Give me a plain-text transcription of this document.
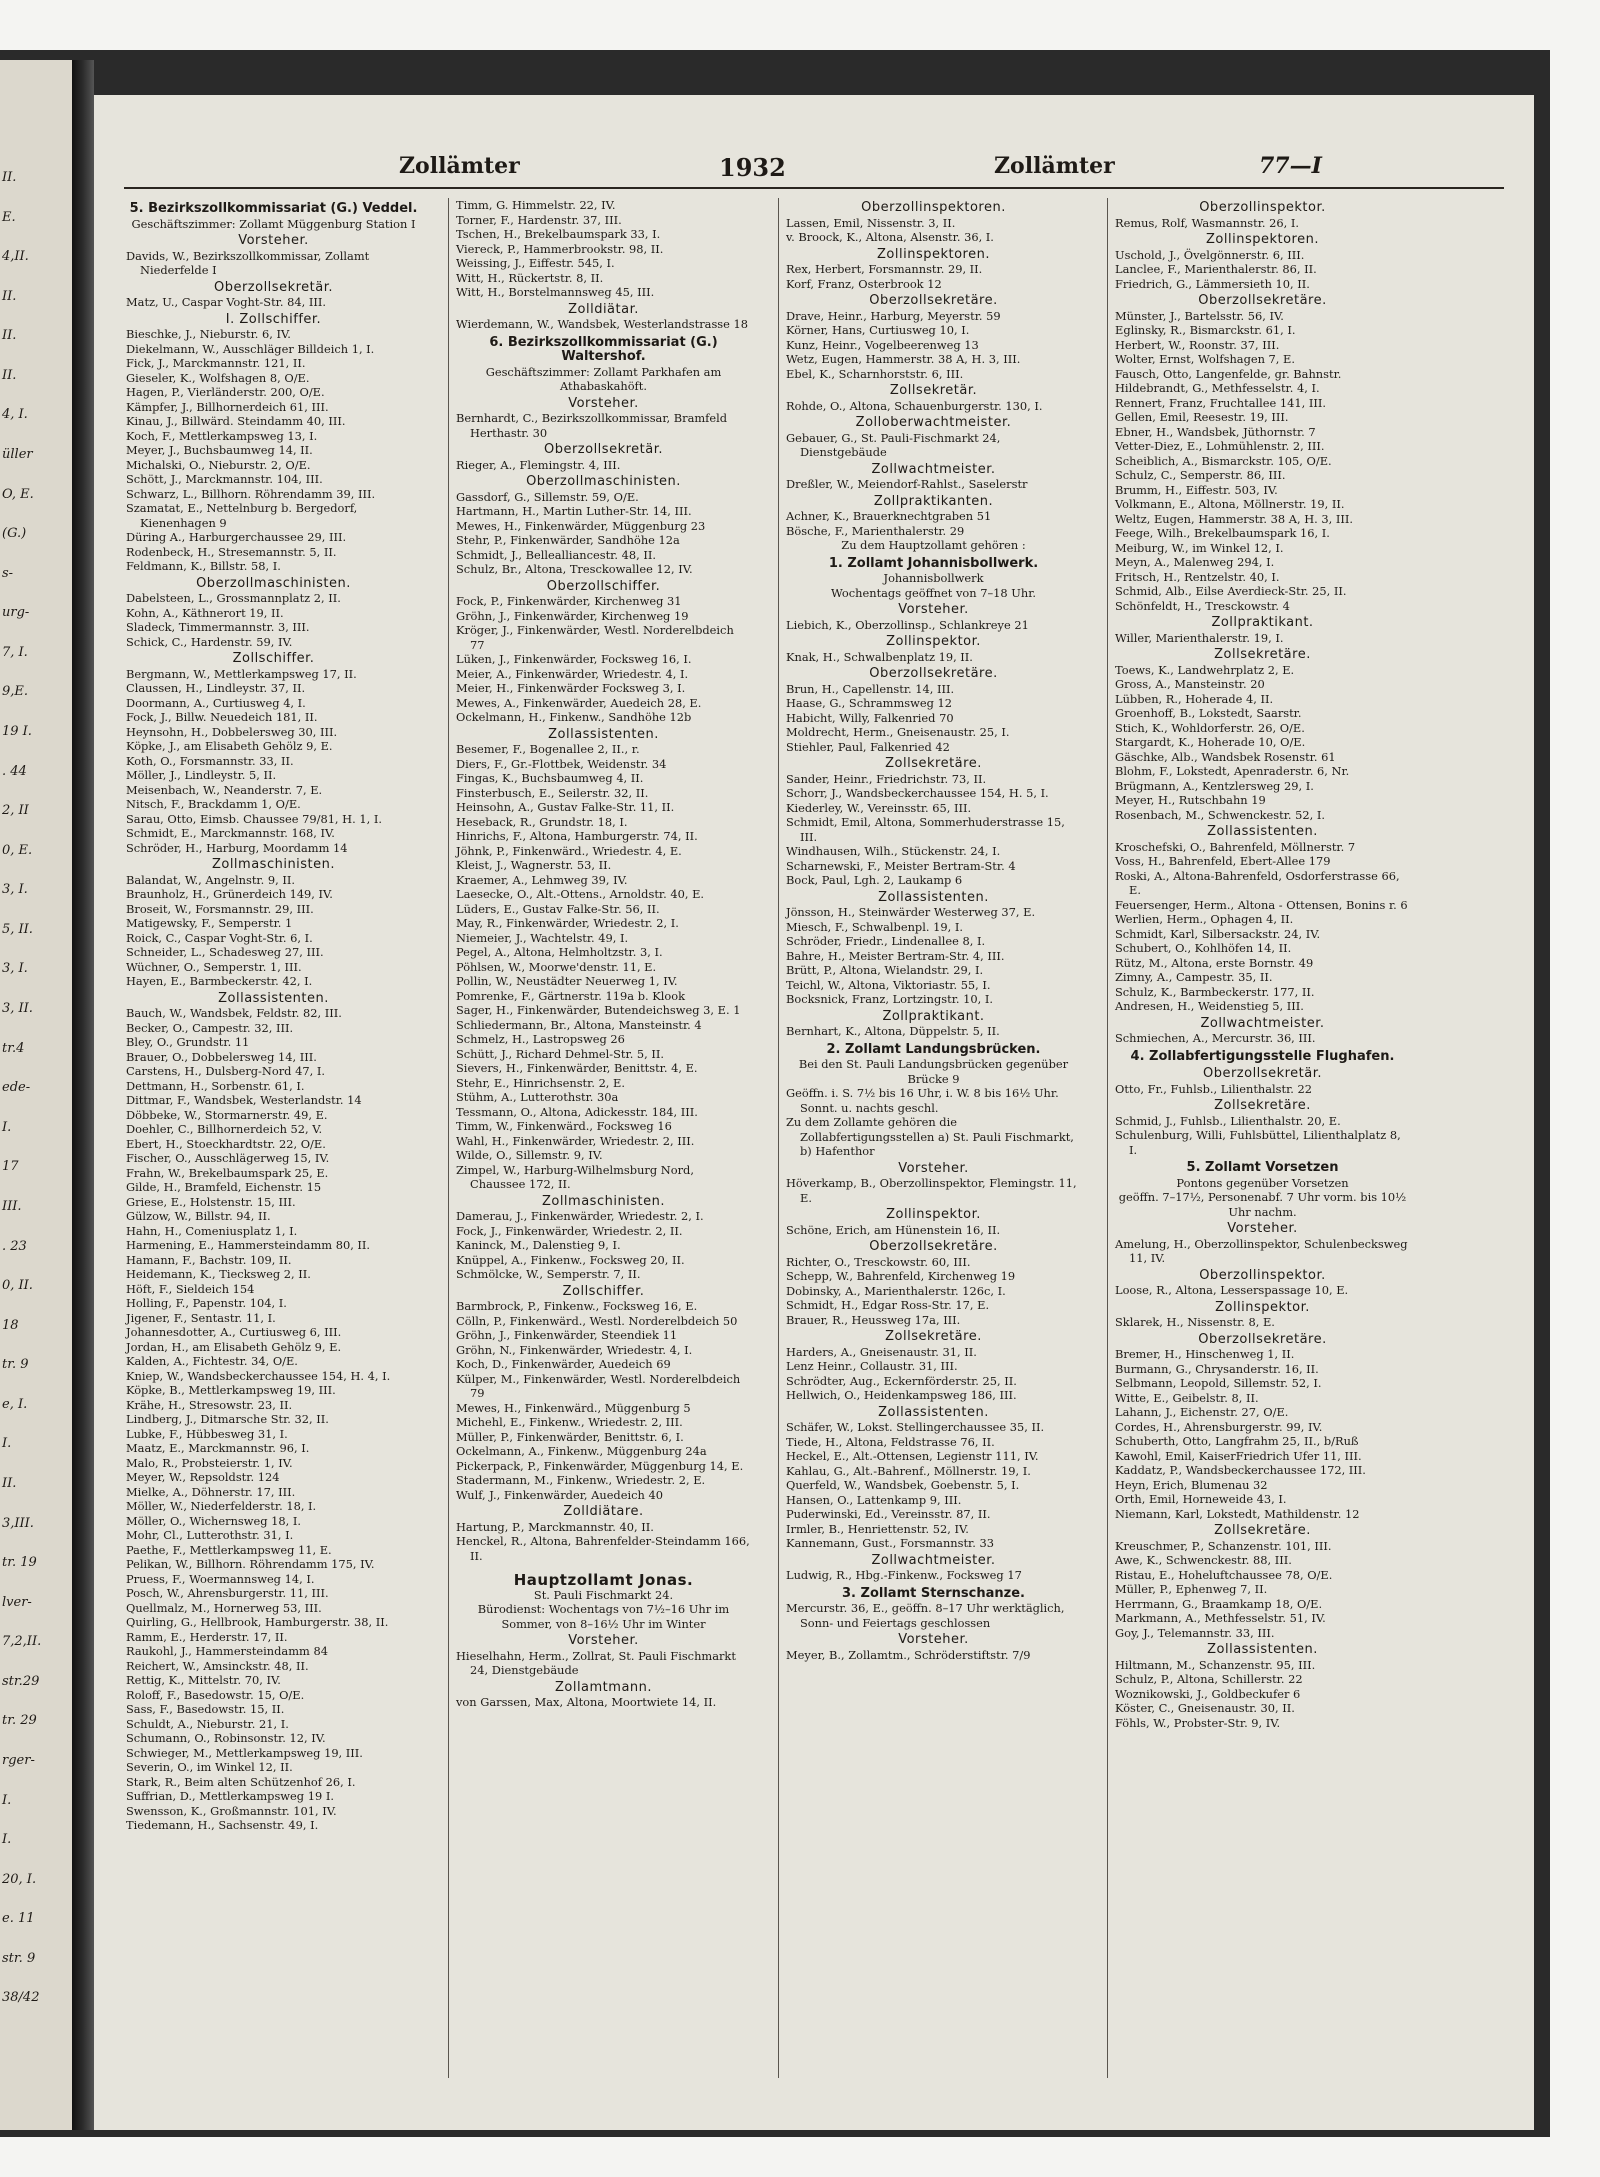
II.
E.
4,II.
II.
II.
II.
4, I.
üller
O, E.
(G.)
s-
urg-
7, I.
9,E.
19 I.
. 44
2, II
0, E.
3, I.
5, II.
3, I.
3, II.
tr.4
ede-
I.
17
III.
. 23
0, II.
18
tr. 9
e, I.
I.
II.
3,III.
tr. 19
lver-
7,2,II.
str.29
tr. 29
rger-
I.
I.
20, I.
e. 11
str. 9
38/42
Zollämter	1932	Zollämter	77—I
5. Bezirkszollkommissariat (G.) Veddel.
Geschäftszimmer: Zollamt Müggenburg Station I
Vorsteher.
Davids, W., Bezirkszollkommissar, Zollamt Niederfelde I
Oberzollsekretär.
Matz, U., Caspar Voght-Str. 84, III.
I. Zollschiffer.
Bieschke, J., Nieburstr. 6, IV.
Diekelmann, W., Ausschläger Billdeich 1, I.
Fick, J., Marckmannstr. 121, II.
Gieseler, K., Wolfshagen 8, O/E.
Hagen, P., Vierländerstr. 200, O/E.
Kämpfer, J., Billhornerdeich 61, III.
Kinau, J., Billwärd. Steindamm 40, III.
Koch, F., Mettlerkampsweg 13, I.
Meyer, J., Buchsbaumweg 14, II.
Michalski, O., Nieburstr. 2, O/E.
Schött, J., Marckmannstr. 104, III.
Schwarz, L., Billhorn. Röhrendamm 39, III.
Szamatat, E., Nettelnburg b. Bergedorf, Kienenhagen 9
Düring A., Harburgerchaussee 29, III.
Rodenbeck, H., Stresemannstr. 5, II.
Feldmann, K., Billstr. 58, I.
Oberzollmaschinisten.
Dabelsteen, L., Grossmannplatz 2, II.
Kohn, A., Käthnerort 19, II.
Sladeck, Timmermannstr. 3, III.
Schick, C., Hardenstr. 59, IV.
Zollschiffer.
Bergmann, W., Mettlerkampsweg 17, II.
Claussen, H., Lindleystr. 37, II.
Doormann, A., Curtiusweg 4, I.
Fock, J., Billw. Neuedeich 181, II.
Heynsohn, H., Dobbelersweg 30, III.
Köpke, J., am Elisabeth Gehölz 9, E.
Koth, O., Forsmannstr. 33, II.
Möller, J., Lindleystr. 5, II.
Meisenbach, W., Neanderstr. 7, E.
Nitsch, F., Brackdamm 1, O/E.
Sarau, Otto, Eimsb. Chaussee 79/81, H. 1, I.
Schmidt, E., Marckmannstr. 168, IV.
Schröder, H., Harburg, Moordamm 14
Zollmaschinisten.
Balandat, W., Angelnstr. 9, II.
Braunholz, H., Grünerdeich 149, IV.
Broseit, W., Forsmannstr. 29, III.
Matigewsky, F., Semperstr. 1
Roick, C., Caspar Voght-Str. 6, I.
Schneider, L., Schadesweg 27, III.
Wüchner, O., Semperstr. 1, III.
Hayen, E., Barmbeckerstr. 42, I.
Zollassistenten.
Bauch, W., Wandsbek, Feldstr. 82, III.
Becker, O., Campestr. 32, III.
Bley, O., Grundstr. 11
Brauer, O., Dobbelersweg 14, III.
Carstens, H., Dulsberg-Nord 47, I.
Dettmann, H., Sorbenstr. 61, I.
Dittmar, F., Wandsbek, Westerlandstr. 14
Döbbeke, W., Stormarnerstr. 49, E.
Doehler, C., Billhornerdeich 52, V.
Ebert, H., Stoeckhardtstr. 22, O/E.
Fischer, O., Ausschlägerweg 15, IV.
Frahn, W., Brekelbaumspark 25, E.
Gilde, H., Bramfeld, Eichenstr. 15
Griese, E., Holstenstr. 15, III.
Gülzow, W., Billstr. 94, II.
Hahn, H., Comeniusplatz 1, I.
Harmening, E., Hammersteindamm 80, II.
Hamann, F., Bachstr. 109, II.
Heidemann, K., Tiecksweg 2, II.
Höft, F., Sieldeich 154
Holling, F., Papenstr. 104, I.
Jigener, F., Sentastr. 11, I.
Johannesdotter, A., Curtiusweg 6, III.
Jordan, H., am Elisabeth Gehölz 9, E.
Kalden, A., Fichtestr. 34, O/E.
Kniep, W., Wandsbeckerchaussee 154, H. 4, I.
Köpke, B., Mettlerkampsweg 19, III.
Krähe, H., Stresowstr. 23, II.
Lindberg, J., Ditmarsche Str. 32, II.
Lubke, F., Hübbesweg 31, I.
Maatz, E., Marckmannstr. 96, I.
Malo, R., Probsteierstr. 1, IV.
Meyer, W., Repsoldstr. 124
Mielke, A., Döhnerstr. 17, III.
Möller, W., Niederfelderstr. 18, I.
Möller, O., Wichernsweg 18, I.
Mohr, Cl., Lutterothstr. 31, I.
Paethe, F., Mettlerkampsweg 11, E.
Pelikan, W., Billhorn. Röhrendamm 175, IV.
Pruess, F., Woermannsweg 14, I.
Posch, W., Ahrensburgerstr. 11, III.
Quellmalz, M., Hornerweg 53, III.
Quirling, G., Hellbrook, Hamburgerstr. 38, II.
Ramm, E., Herderstr. 17, II.
Raukohl, J., Hammersteindamm 84
Reichert, W., Amsinckstr. 48, II.
Rettig, K., Mittelstr. 70, IV.
Roloff, F., Basedowstr. 15, O/E.
Sass, F., Basedowstr. 15, II.
Schuldt, A., Nieburstr. 21, I.
Schumann, O., Robinsonstr. 12, IV.
Schwieger, M., Mettlerkampsweg 19, III.
Severin, O., im Winkel 12, II.
Stark, R., Beim alten Schützenhof 26, I.
Suffrian, D., Mettlerkampsweg 19 I.
Swensson, K., Großmannstr. 101, IV.
Tiedemann, H., Sachsenstr. 49, I.
Timm, G. Himmelstr. 22, IV.
Torner, F., Hardenstr. 37, III.
Tschen, H., Brekelbaumspark 33, I.
Viereck, P., Hammerbrookstr. 98, II.
Weissing, J., Eiffestr. 545, I.
Witt, H., Rückertstr. 8, II.
Witt, H., Borstelmannsweg 45, III.
Zolldiätar.
Wierdemann, W., Wandsbek, Westerlandstrasse 18
6. Bezirkszollkommissariat (G.) Waltershof.
Geschäftszimmer: Zollamt Parkhafen am Athabaskahöft.
Vorsteher.
Bernhardt, C., Bezirkszollkommissar, Bramfeld Herthastr. 30
Oberzollsekretär.
Rieger, A., Flemingstr. 4, III.
Oberzollmaschinisten.
Gassdorf, G., Sillemstr. 59, O/E.
Hartmann, H., Martin Luther-Str. 14, III.
Mewes, H., Finkenwärder, Müggenburg 23
Stehr, P., Finkenwärder, Sandhöhe 12a
Schmidt, J., Bellealliancestr. 48, II.
Schulz, Br., Altona, Tresckowallee 12, IV.
Oberzollschiffer.
Fock, P., Finkenwärder, Kirchenweg 31
Gröhn, J., Finkenwärder, Kirchenweg 19
Kröger, J., Finkenwärder, Westl. Norderelbdeich 77
Lüken, J., Finkenwärder, Focksweg 16, I.
Meier, A., Finkenwärder, Wriedestr. 4, I.
Meier, H., Finkenwärder Focksweg 3, I.
Mewes, A., Finkenwärder, Auedeich 28, E.
Ockelmann, H., Finkenw., Sandhöhe 12b
Zollassistenten.
Besemer, F., Bogenallee 2, II., r.
Diers, F., Gr.-Flottbek, Weidenstr. 34
Fingas, K., Buchsbaumweg 4, II.
Finsterbusch, E., Seilerstr. 32, II.
Heinsohn, A., Gustav Falke-Str. 11, II.
Heseback, R., Grundstr. 18, I.
Hinrichs, F., Altona, Hamburgerstr. 74, II.
Jöhnk, P., Finkenwärd., Wriedestr. 4, E.
Kleist, J., Wagnerstr. 53, II.
Kraemer, A., Lehmweg 39, IV.
Laesecke, O., Alt.-Ottens., Arnoldstr. 40, E.
Lüders, E., Gustav Falke-Str. 56, II.
May, R., Finkenwärder, Wriedestr. 2, I.
Niemeier, J., Wachtelstr. 49, I.
Pegel, A., Altona, Helmholtzstr. 3, I.
Pöhlsen, W., Moorwe'denstr. 11, E.
Pollin, W., Neustädter Neuerweg 1, IV.
Pomrenke, F., Gärtnerstr. 119a b. Klook
Sager, H., Finkenwärder, Butendeichsweg 3, E. 1
Schliedermann, Br., Altona, Mansteinstr. 4
Schmelz, H., Lastropsweg 26
Schütt, J., Richard Dehmel-Str. 5, II.
Sievers, H., Finkenwärder, Benittstr. 4, E.
Stehr, E., Hinrichsenstr. 2, E.
Stühm, A., Lutterothstr. 30a
Tessmann, O., Altona, Adickesstr. 184, III.
Timm, W., Finkenwärd., Focksweg 16
Wahl, H., Finkenwärder, Wriedestr. 2, III.
Wilde, O., Sillemstr. 9, IV.
Zimpel, W., Harburg-Wilhelmsburg Nord, Chaussee 172, II.
Zollmaschinisten.
Damerau, J., Finkenwärder, Wriedestr. 2, I.
Fock, J., Finkenwärder, Wriedestr. 2, II.
Kaninck, M., Dalenstieg 9, I.
Knüppel, A., Finkenw., Focksweg 20, II.
Schmölcke, W., Semperstr. 7, II.
Zollschiffer.
Barmbrock, P., Finkenw., Focksweg 16, E.
Cölln, P., Finkenwärd., Westl. Norderelbdeich 50
Gröhn, J., Finkenwärder, Steendiek 11
Gröhn, N., Finkenwärder, Wriedestr. 4, I.
Koch, D., Finkenwärder, Auedeich 69
Külper, M., Finkenwärder, Westl. Norderelbdeich 79
Mewes, H., Finkenwärd., Müggenburg 5
Michehl, E., Finkenw., Wriedestr. 2, III.
Müller, P., Finkenwärder, Benittstr. 6, I.
Ockelmann, A., Finkenw., Müggenburg 24a
Pickerpack, P., Finkenwärder, Müggenburg 14, E.
Stadermann, M., Finkenw., Wriedestr. 2, E.
Wulf, J., Finkenwärder, Auedeich 40
Zolldiätare.
Hartung, P., Marckmannstr. 40, II.
Henckel, R., Altona, Bahrenfelder-Steindamm 166, II.
Hauptzollamt Jonas.
St. Pauli Fischmarkt 24.
Bürodienst: Wochentags von 7½–16 Uhr im Sommer, von 8–16½ Uhr im Winter
Vorsteher.
Hieselhahn, Herm., Zollrat, St. Pauli Fischmarkt 24, Dienstgebäude
Zollamtmann.
von Garssen, Max, Altona, Moortwiete 14, II.
Oberzollinspektoren.
Lassen, Emil, Nissenstr. 3, II.
v. Broock, K., Altona, Alsenstr. 36, I.
Zollinspektoren.
Rex, Herbert, Forsmannstr. 29, II.
Korf, Franz, Osterbrook 12
Oberzollsekretäre.
Drave, Heinr., Harburg, Meyerstr. 59
Körner, Hans, Curtiusweg 10, I.
Kunz, Heinr., Vogelbeerenweg 13
Wetz, Eugen, Hammerstr. 38 A, H. 3, III.
Ebel, K., Scharnhorststr. 6, III.
Zollsekretär.
Rohde, O., Altona, Schauenburgerstr. 130, I.
Zolloberwachtmeister.
Gebauer, G., St. Pauli-Fischmarkt 24, Dienstgebäude
Zollwachtmeister.
Dreßler, W., Meiendorf-Rahlst., Saselerstr
Zollpraktikanten.
Achner, K., Brauerknechtgraben 51
Bösche, F., Marienthalerstr. 29
Zu dem Hauptzollamt gehören :
1. Zollamt Johannisbollwerk.
Johannisbollwerk
Wochentags geöffnet von 7–18 Uhr.
Vorsteher.
Liebich, K., Oberzollinsp., Schlankreye 21
Zollinspektor.
Knak, H., Schwalbenplatz 19, II.
Oberzollsekretäre.
Brun, H., Capellenstr. 14, III.
Haase, G., Schrammsweg 12
Habicht, Willy, Falkenried 70
Moldrecht, Herm., Gneisenaustr. 25, I.
Stiehler, Paul, Falkenried 42
Zollsekretäre.
Sander, Heinr., Friedrichstr. 73, II.
Schorr, J., Wandsbeckerchaussee 154, H. 5, I.
Kiederley, W., Vereinsstr. 65, III.
Schmidt, Emil, Altona, Sommerhuderstrasse 15, III.
Windhausen, Wilh., Stückenstr. 24, I.
Scharnewski, F., Meister Bertram-Str. 4
Bock, Paul, Lgh. 2, Laukamp 6
Zollassistenten.
Jönsson, H., Steinwärder Westerweg 37, E.
Miesch, F., Schwalbenpl. 19, I.
Schröder, Friedr., Lindenallee 8, I.
Bahre, H., Meister Bertram-Str. 4, III.
Brütt, P., Altona, Wielandstr. 29, I.
Teichl, W., Altona, Viktoriastr. 55, I.
Bocksnick, Franz, Lortzingstr. 10, I.
Zollpraktikant.
Bernhart, K., Altona, Düppelstr. 5, II.
2. Zollamt Landungsbrücken.
Bei den St. Pauli Landungsbrücken gegenüber Brücke 9
Geöffn. i. S. 7½ bis 16 Uhr, i. W. 8 bis 16½ Uhr. Sonnt. u. nachts geschl.
Zu dem Zollamte gehören die Zollabfertigungsstellen a) St. Pauli Fischmarkt, b) Hafenthor
Vorsteher.
Höverkamp, B., Oberzollinspektor, Flemingstr. 11, E.
Zollinspektor.
Schöne, Erich, am Hünenstein 16, II.
Oberzollsekretäre.
Richter, O., Tresckowstr. 60, III.
Schepp, W., Bahrenfeld, Kirchenweg 19
Dobinsky, A., Marienthalerstr. 126c, I.
Schmidt, H., Edgar Ross-Str. 17, E.
Brauer, R., Heussweg 17a, III.
Zollsekretäre.
Harders, A., Gneisenaustr. 31, II.
Lenz Heinr., Collaustr. 31, III.
Schrödter, Aug., Eckernförderstr. 25, II.
Hellwich, O., Heidenkampsweg 186, III.
Zollassistenten.
Schäfer, W., Lokst. Stellingerchaussee 35, II.
Tiede, H., Altona, Feldstrasse 76, II.
Heckel, E., Alt.-Ottensen, Legienstr 111, IV.
Kahlau, G., Alt.-Bahrenf., Möllnerstr. 19, I.
Querfeld, W., Wandsbek, Goebenstr. 5, I.
Hansen, O., Lattenkamp 9, III.
Puderwinski, Ed., Vereinsstr. 87, II.
Irmler, B., Henriettenstr. 52, IV.
Kannemann, Gust., Forsmannstr. 33
Zollwachtmeister.
Ludwig, R., Hbg.-Finkenw., Focksweg 17
3. Zollamt Sternschanze.
Mercurstr. 36, E., geöffn. 8–17 Uhr werktäglich, Sonn- und Feiertags geschlossen
Vorsteher.
Meyer, B., Zollamtm., Schröderstiftstr. 7/9
Oberzollinspektor.
Remus, Rolf, Wasmannstr. 26, I.
Zollinspektoren.
Uschold, J., Övelgönnerstr. 6, III.
Lanclee, F., Marienthalerstr. 86, II.
Friedrich, G., Lämmersieth 10, II.
Oberzollsekretäre.
Münster, J., Bartelsstr. 56, IV.
Eglinsky, R., Bismarckstr. 61, I.
Herbert, W., Roonstr. 37, III.
Wolter, Ernst, Wolfshagen 7, E.
Fausch, Otto, Langenfelde, gr. Bahnstr.
Hildebrandt, G., Methfesselstr. 4, I.
Rennert, Franz, Fruchtallee 141, III.
Gellen, Emil, Reesestr. 19, III.
Ebner, H., Wandsbek, Jüthornstr. 7
Vetter-Diez, E., Lohmühlenstr. 2, III.
Scheiblich, A., Bismarckstr. 105, O/E.
Schulz, C., Semperstr. 86, III.
Brumm, H., Eiffestr. 503, IV.
Volkmann, E., Altona, Möllnerstr. 19, II.
Weltz, Eugen, Hammerstr. 38 A, H. 3, III.
Feege, Wilh., Brekelbaumspark 16, I.
Meiburg, W., im Winkel 12, I.
Meyn, A., Malenweg 294, I.
Fritsch, H., Rentzelstr. 40, I.
Schmid, Alb., Eilse Averdieck-Str. 25, II.
Schönfeldt, H., Tresckowstr. 4
Zollpraktikant.
Willer, Marienthalerstr. 19, I.
Zollsekretäre.
Toews, K., Landwehrplatz 2, E.
Gross, A., Mansteinstr. 20
Lübben, R., Hoherade 4, II.
Groenhoff, B., Lokstedt, Saarstr.
Stich, K., Wohldorferstr. 26, O/E.
Stargardt, K., Hoherade 10, O/E.
Gäschke, Alb., Wandsbek Rosenstr. 61
Blohm, F., Lokstedt, Apenraderstr. 6, Nr.
Brügmann, A., Kentzlersweg 29, I.
Meyer, H., Rutschbahn 19
Rosenbach, M., Schwenckestr. 52, I.
Zollassistenten.
Kroschefski, O., Bahrenfeld, Möllnerstr. 7
Voss, H., Bahrenfeld, Ebert-Allee 179
Roski, A., Altona-Bahrenfeld, Osdorferstrasse 66, E.
Feuersenger, Herm., Altona - Ottensen, Bonins r. 6
Werlien, Herm., Ophagen 4, II.
Schmidt, Karl, Silbersackstr. 24, IV.
Schubert, O., Kohlhöfen 14, II.
Rütz, M., Altona, erste Bornstr. 49
Zimny, A., Campestr. 35, II.
Schulz, K., Barmbeckerstr. 177, II.
Andresen, H., Weidenstieg 5, III.
Zollwachtmeister.
Schmiechen, A., Mercurstr. 36, III.
4. Zollabfertigungsstelle Flughafen.
Oberzollsekretär.
Otto, Fr., Fuhlsb., Lilienthalstr. 22
Zollsekretäre.
Schmid, J., Fuhlsb., Lilienthalstr. 20, E.
Schulenburg, Willi, Fuhlsbüttel, Lilienthalplatz 8, I.
5. Zollamt Vorsetzen
Pontons gegenüber Vorsetzen
geöffn. 7–17½, Personenabf. 7 Uhr vorm. bis 10½ Uhr nachm.
Vorsteher.
Amelung, H., Oberzollinspektor, Schulenbecksweg 11, IV.
Oberzollinspektor.
Loose, R., Altona, Lesserspassage 10, E.
Zollinspektor.
Sklarek, H., Nissenstr. 8, E.
Oberzollsekretäre.
Bremer, H., Hinschenweg 1, II.
Burmann, G., Chrysanderstr. 16, II.
Selbmann, Leopold, Sillemstr. 52, I.
Witte, E., Geibelstr. 8, II.
Lahann, J., Eichenstr. 27, O/E.
Cordes, H., Ahrensburgerstr. 99, IV.
Schuberth, Otto, Langfrahm 25, II., b/Ruß
Kawohl, Emil, KaiserFriedrich Ufer 11, III.
Kaddatz, P., Wandsbeckerchaussee 172, III.
Heyn, Erich, Blumenau 32
Orth, Emil, Horneweide 43, I.
Niemann, Karl, Lokstedt, Mathildenstr. 12
Zollsekretäre.
Kreuschmer, P., Schanzenstr. 101, III.
Awe, K., Schwenckestr. 88, III.
Ristau, E., Hoheluftchaussee 78, O/E.
Müller, P., Ephenweg 7, II.
Herrmann, G., Braamkamp 18, O/E.
Markmann, A., Methfesselstr. 51, IV.
Goy, J., Telemannstr. 33, III.
Zollassistenten.
Hiltmann, M., Schanzenstr. 95, III.
Schulz, P., Altona, Schillerstr. 22
Woznikowski, J., Goldbeckufer 6
Köster, C., Gneisenaustr. 30, II.
Föhls, W., Probster-Str. 9, IV.
